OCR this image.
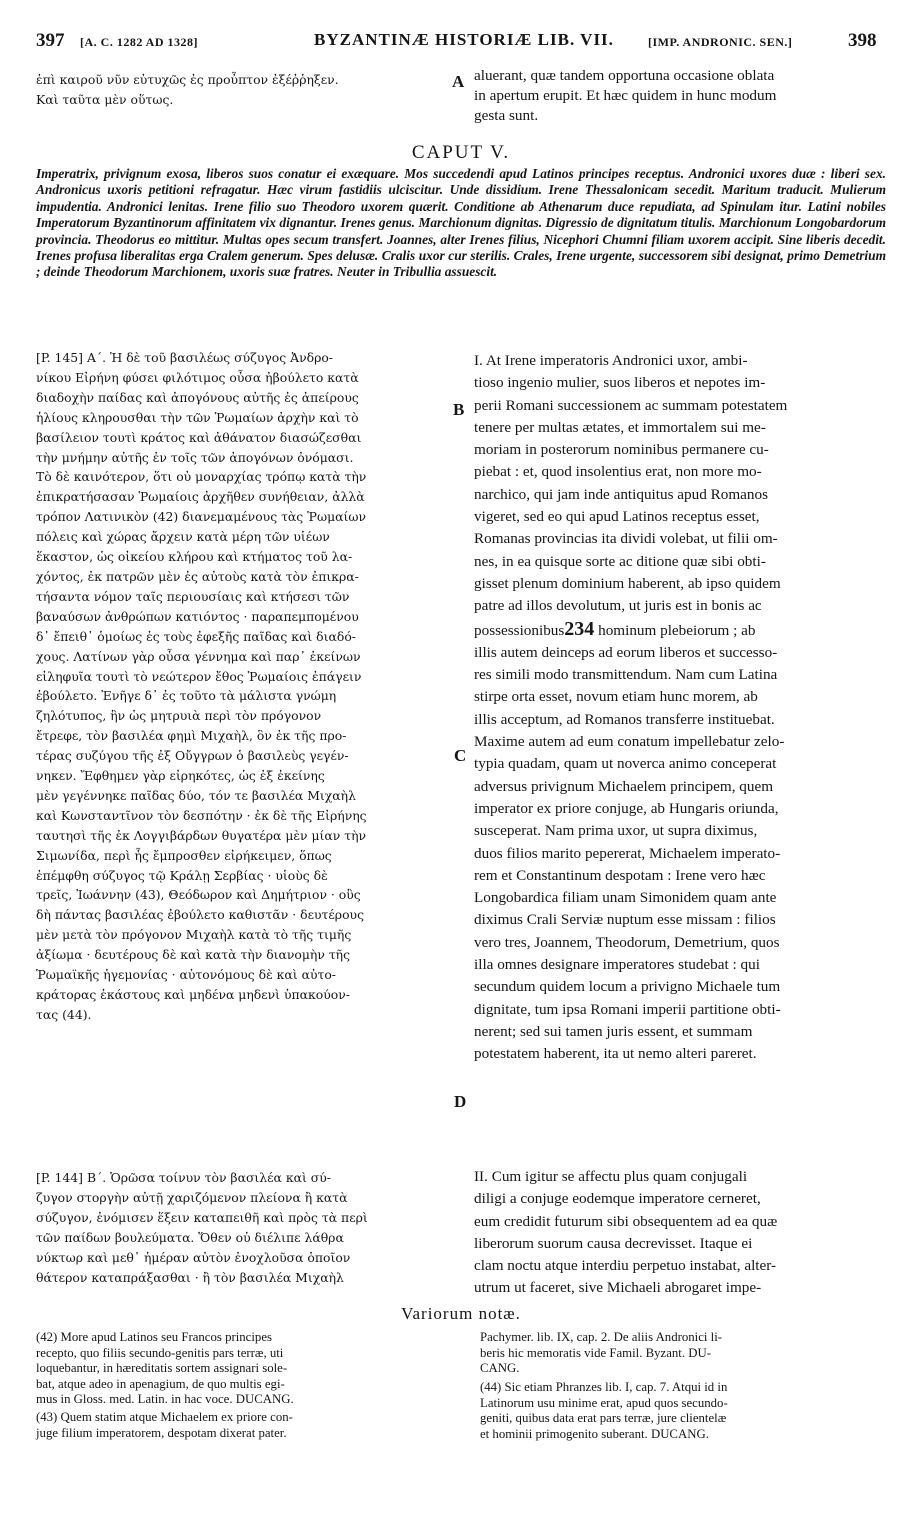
397 [A. C. 1282 AD 1328]	BYZANTINÆ HISTORIÆ LIB. VII.	[IMP. ANDRONIC. SEN.]	398
ἐπὶ καιροῦ νῦν εὐτυχῶς ἐς προὖπτον ἐξέῤῥηξεν.
Καὶ ταῦτα μὲν οὕτως.
aluerant, quæ tandem opportuna occasione oblata
in apertum erupit. Et hæc quidem in hunc modum
gesta sunt.
A
CAPUT V.
Imperatrix, privignum exosa, liberos suos conatur ei exæquare. Mos succedendi apud Latinos principes receptus. Andronici uxores duæ : liberi sex. Andronicus uxoris petitioni refragatur. Hæc virum fastidiis ulciscitur. Unde dissidium. Irene Thessalonicam secedit. Maritum traducit. Mulierum impudentia. Andronici lenitas. Irene filio suo Theodoro uxorem quærit. Conditione ab Athenarum duce repudiata, ad Spinulam itur. Latini nobiles Imperatorum Byzantinorum affinitatem vix dignantur. Irenes genus. Marchionum dignitas. Digressio de dignitatum titulis. Marchionum Longobardorum provincia. Theodorus eo mittitur. Multas opes secum transfert. Joannes, alter Irenes filius, Nicephori Chumni filiam uxorem accipit. Sine liberis decedit. Irenes profusa liberalitas erga Cralem generum. Spes delusæ. Cralis uxor cur sterilis. Crales, Irene urgente, successorem sibi designat, primo Demetrium ; deinde Theodorum Marchionem, uxoris suæ fratres. Neuter in Tribullia assuescit.
[P. 145] Α΄. Ἡ δὲ τοῦ βασιλέως σύζυγος Ἀνδρο-
νίκου Εἰρήνη φύσει φιλότιμος οὖσα ἠβούλετο κατὰ
διαδοχὴν παίδας καὶ ἀπογόνους αὐτῆς ἐς ἀπείρους
ἡλίους κληρουσθαι τὴν τῶν Ῥωμαίων ἀρχὴν καὶ τὸ
βασίλειον τουτὶ κράτος καὶ ἀθάνατον διασώζεσθαι
τὴν μνήμην αὐτῆς ἐν τοῖς τῶν ἀπογόνων ὀνόμασι.
Τὸ δὲ καινότερον, ὅτι οὐ μοναρχίας τρόπῳ κατὰ τὴν
ἐπικρατήσασαν Ῥωμαίοις ἀρχῆθεν συνήθειαν, ἀλλὰ
τρόπον Λατινικὸν (42) διανεμαμένους τὰς Ῥωμαίων
πόλεις καὶ χώρας ἄρχειν κατὰ μέρη τῶν υἱέων
ἕκαστον, ὡς οἰκείου κλήρου καὶ κτήματος τοῦ λα-
χόντος, ἐκ πατρῶν μὲν ἐς αὐτοὺς κατὰ τὸν ἐπικρα-
τήσαντα νόμον ταῖς περιουσίαις καὶ κτήσεσι τῶν
βαναύσων ἀνθρώπων κατιόντος · παραπεμπομένου
δ᾽ ἔπειθ᾽ ὁμοίως ἐς τοὺς ἐφεξῆς παῖδας καὶ διαδό-
χους. Λατίνων γὰρ οὖσα γέννημα καὶ παρ᾽ ἐκείνων
εἰληφυῖα τουτὶ τὸ νεώτερον ἔθος Ῥωμαίοις ἐπάγειν
ἐβούλετο. Ἐνῆγε δ᾽ ἐς τοῦτο τὰ μάλιστα γνώμη
ζηλότυπος, ἣν ὡς μητρυιὰ περὶ τὸν πρόγονον
ἔτρεφε, τὸν βασιλέα φημὶ Μιχαὴλ, ὃν ἐκ τῆς προ-
τέρας συζύγου τῆς ἐξ Οὔγγρων ὁ βασιλεὺς γεγέν-
νηκεν. Ἔφθημεν γὰρ εἰρηκότες, ὡς ἐξ ἐκείνης
μὲν γεγέννηκε παῖδας δύο, τόν τε βασιλέα Μιχαὴλ
καὶ Κωνσταντῖνον τὸν δεσπότην · ἐκ δὲ τῆς Εἰρήνης
ταυτησὶ τῆς ἐκ Λογγιβάρδων θυγατέρα μὲν μίαν τὴν
Σιμωνίδα, περὶ ἧς ἔμπροσθεν εἰρήκειμεν, ὅπως
ἐπέμφθη σύζυγος τῷ Κράλῃ Σερβίας · υἱοὺς δὲ
τρεῖς, Ἰωάννην (43), Θεόδωρον καὶ Δημήτριον · οὓς
δὴ πάντας βασιλέας ἐβούλετο καθιστᾶν · δευτέρους
μὲν μετὰ τὸν πρόγονον Μιχαὴλ κατὰ τὸ τῆς τιμῆς
ἀξίωμα · δευτέρους δὲ καὶ κατὰ τὴν διανομὴν τῆς
Ῥωμαϊκῆς ἡγεμονίας · αὐτονόμους δὲ καὶ αὐτο-
κράτορας ἑκάστους καὶ μηδένα μηδενὶ ὑπακούον-
τας (44).
I. At Irene imperatoris Andronici uxor, ambi-
tioso ingenio mulier, suos liberos et nepotes im-
perii Romani successionem ac summam potestatem
tenere per multas ætates, et immortalem sui me-
moriam in posterorum nominibus permanere cu-
piebat : et, quod insolentius erat, non more mo-
narchico, qui jam inde antiquitus apud Romanos
vigeret, sed eo qui apud Latinos receptus esset,
Romanas provincias ita dividi volebat, ut filii om-
nes, in ea quisque sorte ac ditione quæ sibi obti-
gisset plenum dominium haberent, ab ipso quidem
patre ad illos devolutum, ut juris est in bonis ac
possessionibus234 hominum plebeiorum ; ab
illis autem deinceps ad eorum liberos et successo-
res simili modo transmittendum. Nam cum Latina
stirpe orta esset, novum etiam hunc morem, ab
illis acceptum, ad Romanos transferre instituebat.
Maxime autem ad eum conatum impellebatur zelo-
typia quadam, quam ut noverca animo conceperat
adversus privignum Michaelem principem, quem
imperator ex priore conjuge, ab Hungaris oriunda,
susceperat. Nam prima uxor, ut supra diximus,
duos filios marito pepererat, Michaelem imperato-
rem et Constantinum despotam : Irene vero hæc
Longobardica filiam unam Simonidem quam ante
diximus Crali Serviæ nuptum esse missam : filios
vero tres, Joannem, Theodorum, Demetrium, quos
illa omnes designare imperatores studebat : qui
secundum quidem locum a privigno Michaele tum
dignitate, tum ipsa Romani imperii partitione obti-
nerent; sed sui tamen juris essent, et summam
potestatem haberent, ita ut nemo alteri pareret.
B
C
D
[P. 144] Β΄. Ὁρῶσα τοίνυν τὸν βασιλέα καὶ σύ-
ζυγον στοργὴν αὐτῇ χαριζόμενον πλείονα ἢ κατὰ
σύζυγον, ἐνόμισεν ἕξειν καταπειθῆ καὶ πρὸς τὰ περὶ
τῶν παίδων βουλεύματα. Ὅθεν οὐ διέλιπε λάθρα
νύκτωρ καὶ μεθ᾽ ἡμέραν αὐτὸν ἐνοχλοῦσα ὁποῖον
θάτερον καταπράξασθαι · ἢ τὸν βασιλέα Μιχαὴλ
II. Cum igitur se affectu plus quam conjugali
diligi a conjuge eodemque imperatore cerneret,
eum credidit futurum sibi obsequentem ad ea quæ
liberorum suorum causa decrevisset. Itaque ei
clam noctu atque interdiu perpetuo instabat, alter-
utrum ut faceret, sive Michaeli abrogaret impe-
Variorum notæ.
(42) More apud Latinos seu Francos principes
recepto, quo filiis secundo-genitis pars terræ, uti
loquebantur, in hæreditatis sortem assignari sole-
bat, atque adeo in apenagium, de quo multis egi-
mus in Gloss. med. Latin. in hac voce. DUCANG.
(43) Quem statim atque Michaelem ex priore con-
juge filium imperatorem, despotam dixerat pater.
Pachymer. lib. IX, cap. 2. De aliis Andronici li-
beris hic memoratis vide Famil. Byzant. DU-
CANG.
(44) Sic etiam Phranzes lib. I, cap. 7. Atqui id in
Latinorum usu minime erat, apud quos secundo-
geniti, quibus data erat pars terræ, jure clientelæ
et hominii primogenito suberant. DUCANG.
